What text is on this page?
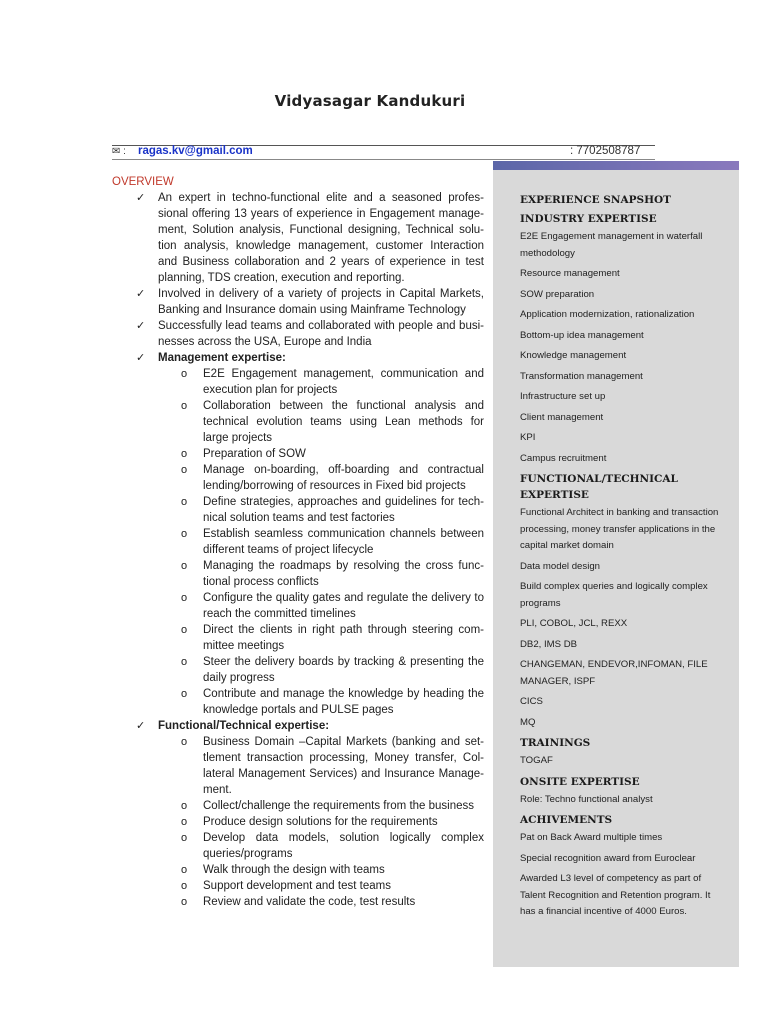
Vidyasagar Kandukuri
✉ : ragas.kv@gmail.com	: 7702508787
OVERVIEW
✓ An expert in techno-functional elite and a seasoned profes-sional offering 13 years of experience in Engagement manage-ment, Solution analysis, Functional designing, Technical solu-tion analysis, knowledge management, customer Interaction and Business collaboration and 2 years of experience in test planning, TDS creation, execution and reporting.
✓ Involved in delivery of a variety of projects in Capital Markets, Banking and Insurance domain using Mainframe Technology
✓ Successfully lead teams and collaborated with people and busi-nesses across the USA, Europe and India
✓ Management expertise:
o E2E Engagement management, communication and execution plan for projects
o Collaboration between the functional analysis and technical evolution teams using Lean methods for large projects
o Preparation of SOW
o Manage on-boarding, off-boarding and contractual lending/borrowing of resources in Fixed bid projects
o Define strategies, approaches and guidelines for tech-nical solution teams and test factories
o Establish seamless communication channels between different teams of project lifecycle
o Managing the roadmaps by resolving the cross func-tional process conflicts
o Configure the quality gates and regulate the delivery to reach the committed timelines
o Direct the clients in right path through steering com-mittee meetings
o Steer the delivery boards by tracking & presenting the daily progress
o Contribute and manage the knowledge by heading the knowledge portals and PULSE pages
✓ Functional/Technical expertise:
o Business Domain –Capital Markets (banking and set-tlement transaction processing, Money transfer, Col-lateral Management Services) and Insurance Manage-ment.
o Collect/challenge the requirements from the business
o Produce design solutions for the requirements
o Develop data models, solution logically complex queries/programs
o Walk through the design with teams
o Support development and test teams
o Review and validate the code, test results
EXPERIENCE SNAPSHOT
INDUSTRY EXPERTISE
E2E Engagement management in waterfall methodology
Resource management
SOW preparation
Application modernization, rationalization
Bottom-up idea management
Knowledge management
Transformation management
Infrastructure set up
Client management
KPI
Campus recruitment
FUNCTIONAL/TECHNICAL EXPERTISE
Functional Architect in banking and transaction processing, money transfer applications in the capital market domain
Data model design
Build complex queries and logically complex programs
PLI, COBOL, JCL, REXX
DB2, IMS DB
CHANGEMAN, ENDEVOR,INFOMAN, FILE MANAGER, ISPF
CICS
MQ
TRAININGS
TOGAF
ONSITE EXPERTISE
Role: Techno functional analyst
ACHIVEMENTS
Pat on Back Award multiple times
Special recognition award from Euroclear
Awarded L3 level of competency as part of Talent Recognition and Retention program. It has a financial incentive of 4000 Euros.
